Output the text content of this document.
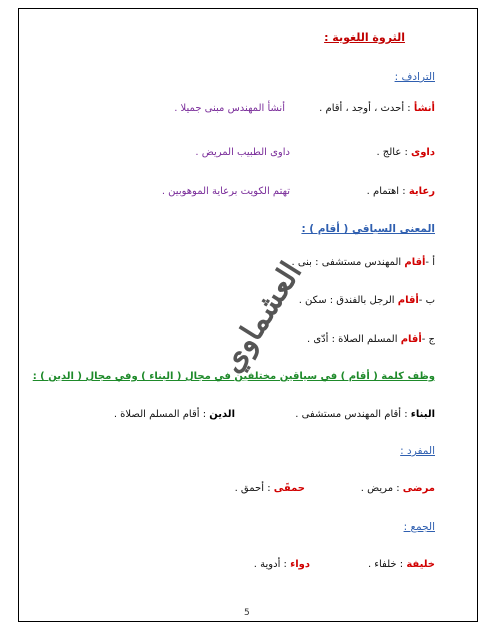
الثروة اللغوية :
الترادف :
أنشأ : أحدث ، أوجد ، أقام .
أنشأ المهندس مبنى جميلا .
داوى : عالج .
داوى الطبيب المريض .
رعاية : اهتمام .
تهتم الكويت برعاية الموهوبين .
المعنى السياقي ( أقام ) :
أ -أقام المهندس مستشفى : بنى .
ب -أقام الرجل بالفندق : سكن .
ج -أقام المسلم الصلاة : أدّى .
العشماوي
وظف كلمة ( أقام ) في سياقين مختلفين في مجال ( البناء ) وفي مجال ( الدين ) :
البناء : أقام المهندس مستشفى .
الدين : أقام المسلم الصلاة .
المفرد :
مرضى : مريض .
حمقَى : أحمق .
الجمع :
خليفة : خلفاء .
دواء : أدوية .
5
